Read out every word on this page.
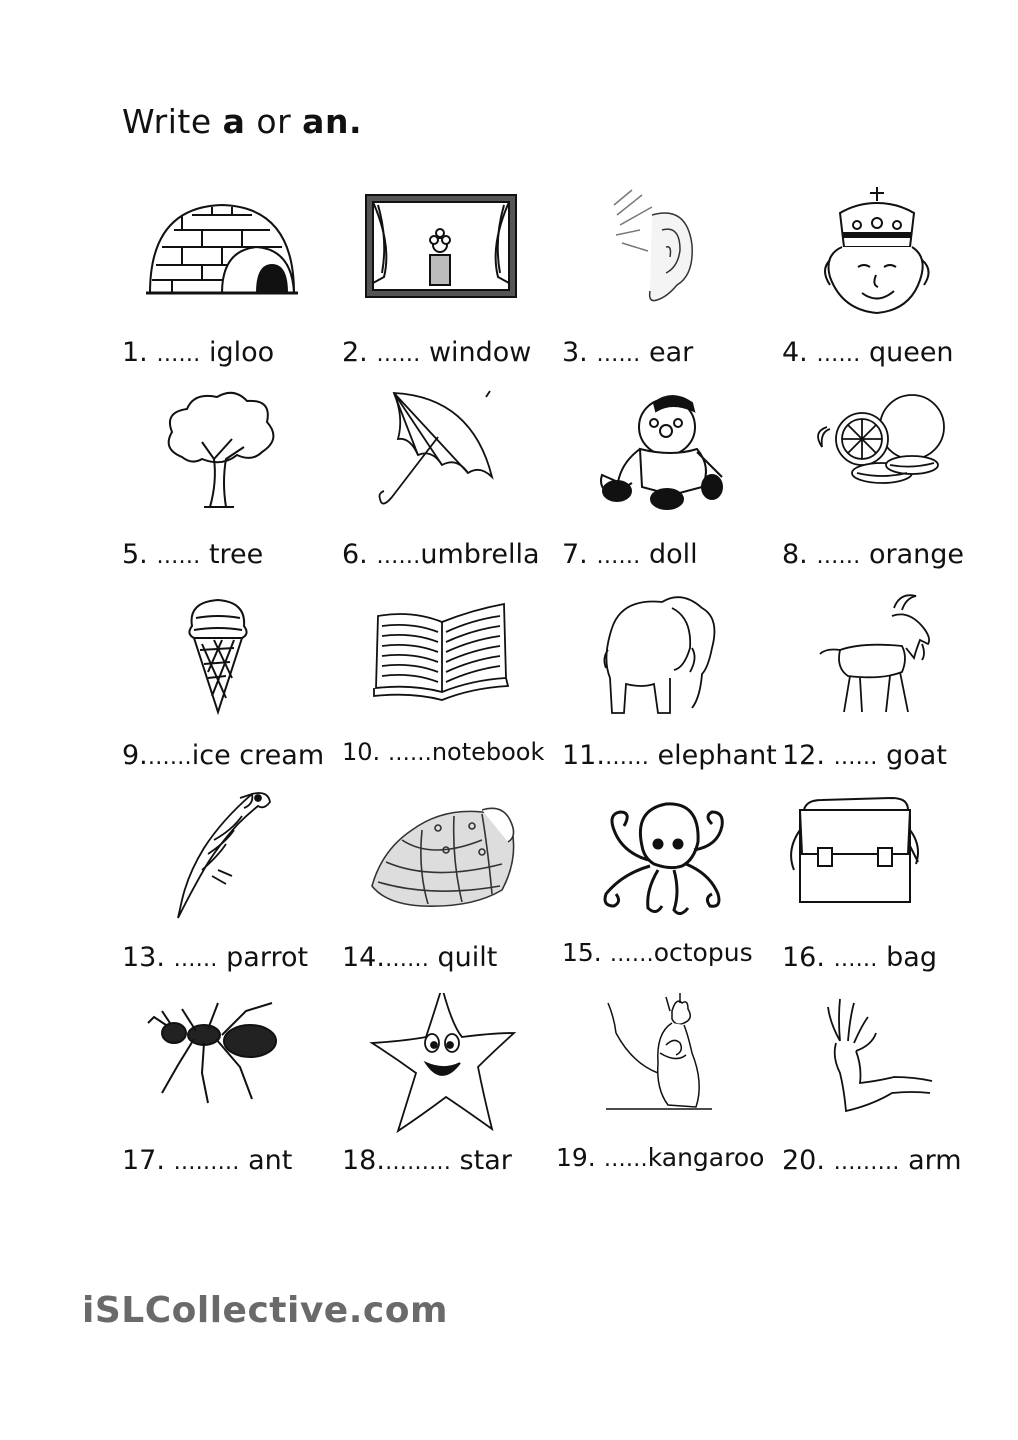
Write a or an.
1. …… igloo	2. …… window 3. …… ear	4. …… queen
5. …… tree	6. ……umbrella 7. …… doll	8. …… orange
9.……ice cream 10. ……notebook 11.…… elephant 12. …… goat
13. …… parrot 14.…… quilt	15. ……octopus 16. …… bag
17. ……… ant 18.……… star 19. ……kangaroo 20. ……… arm
iSLCollective.com
